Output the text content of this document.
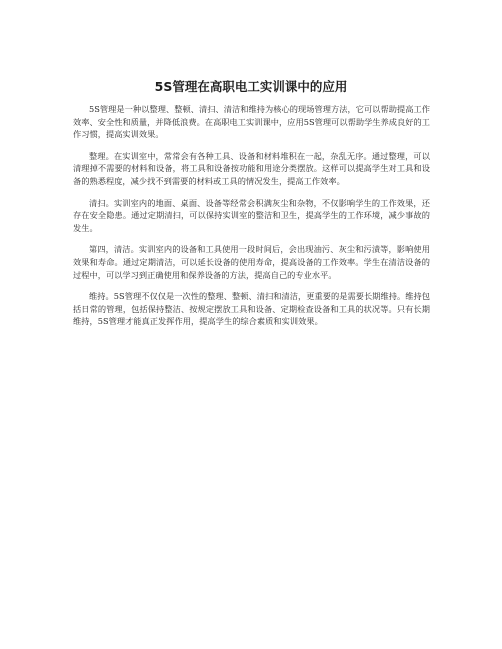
5S管理在高职电工实训课中的应用

5S管理是一种以整理、整顿、清扫、清洁和维持为核心的现场管理方法，它可以帮助提高工作效率、安全性和质量，并降低浪费。在高职电工实训课中，应用5S管理可以帮助学生养成良好的工作习惯，提高实训效果。

整理。在实训室中，常常会有各种工具、设备和材料堆积在一起，杂乱无序。通过整理，可以清理掉不需要的材料和设备，将工具和设备按功能和用途分类摆放。这样可以提高学生对工具和设备的熟悉程度，减少找不到需要的材料或工具的情况发生，提高工作效率。

清扫。实训室内的地面、桌面、设备等经常会积满灰尘和杂物，不仅影响学生的工作效果，还存在安全隐患。通过定期清扫，可以保持实训室的整洁和卫生，提高学生的工作环境，减少事故的发生。

第四，清洁。实训室内的设备和工具使用一段时间后，会出现油污、灰尘和污渍等，影响使用效果和寿命。通过定期清洁，可以延长设备的使用寿命，提高设备的工作效率。学生在清洁设备的过程中，可以学习到正确使用和保养设备的方法，提高自己的专业水平。

维持。5S管理不仅仅是一次性的整理、整顿、清扫和清洁，更重要的是需要长期维持。维持包括日常的管理，包括保持整洁、按规定摆放工具和设备、定期检查设备和工具的状况等。只有长期维持，5S管理才能真正发挥作用，提高学生的综合素质和实训效果。
